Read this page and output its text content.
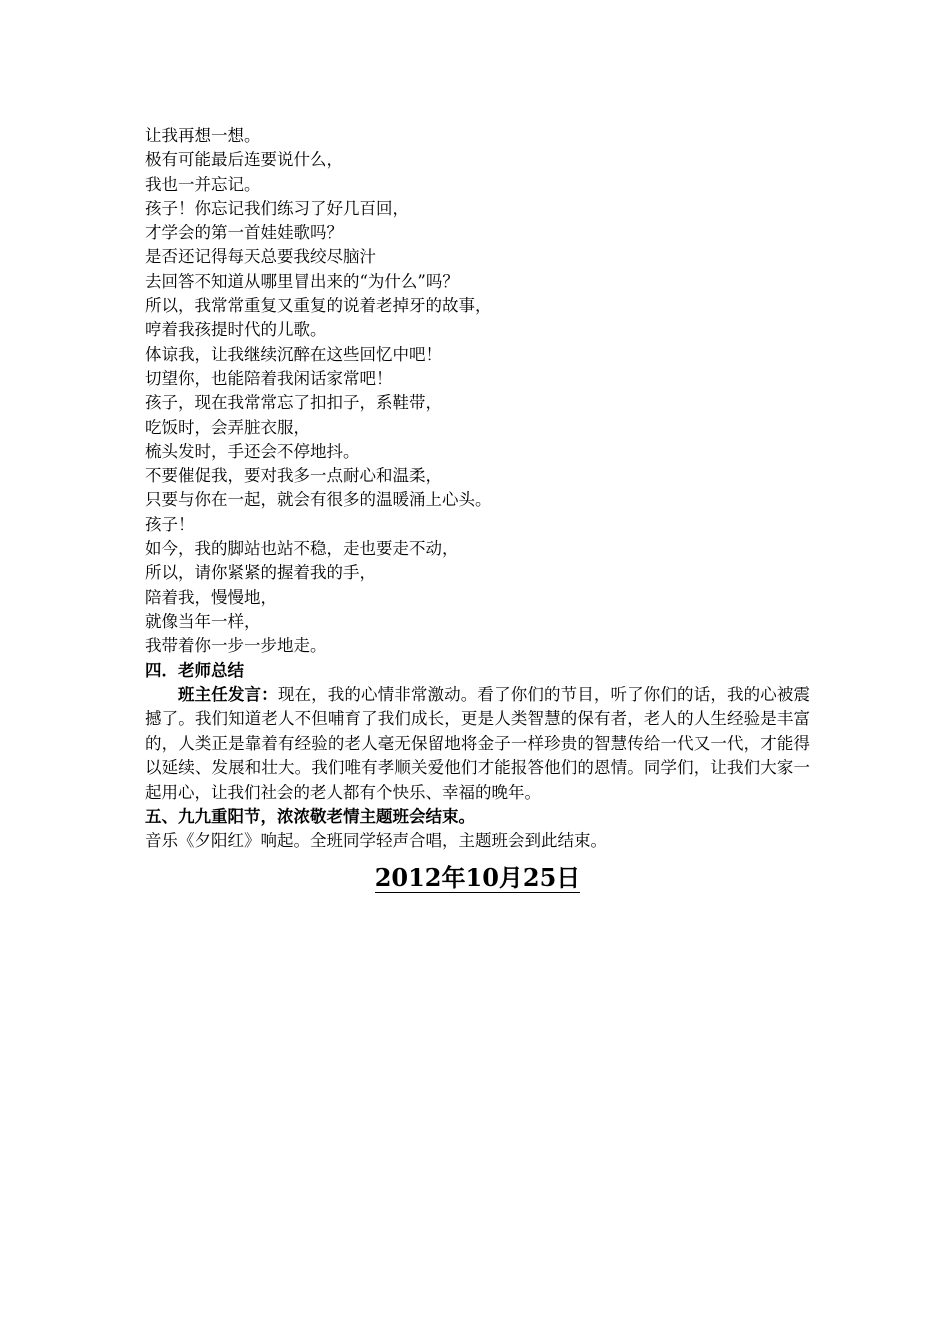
让我再想一想。
极有可能最后连要说什么，
我也一并忘记。
孩子！你忘记我们练习了好几百回，
才学会的第一首娃娃歌吗？
是否还记得每天总要我绞尽脑汁
去回答不知道从哪里冒出来的“为什么”吗？
所以，我常常重复又重复的说着老掉牙的故事，
哼着我孩提时代的儿歌。
体谅我，让我继续沉醉在这些回忆中吧！
切望你，也能陪着我闲话家常吧！
孩子，现在我常常忘了扣扣子，系鞋带，
吃饭时，会弄脏衣服，
梳头发时，手还会不停地抖。
不要催促我，要对我多一点耐心和温柔，
只要与你在一起，就会有很多的温暖涌上心头。
孩子！
如今，我的脚站也站不稳，走也要走不动，
所以，请你紧紧的握着我的手，
陪着我，慢慢地，
就像当年一样，
我带着你一步一步地走。
四．老师总结
班主任发言：现在，我的心情非常激动。看了你们的节目，听了你们的话，我的心被震撼了。我们知道老人不但哺育了我们成长，更是人类智慧的保有者，老人的人生经验是丰富的，人类正是靠着有经验的老人毫无保留地将金子一样珍贵的智慧传给一代又一代，才能得以延续、发展和壮大。我们唯有孝顺关爱他们才能报答他们的恩情。同学们，让我们大家一起用心，让我们社会的老人都有个快乐、幸福的晚年。
五、九九重阳节，浓浓敬老情主题班会结束。
音乐《夕阳红》响起。全班同学轻声合唱，主题班会到此结束。
2012年10月25日
